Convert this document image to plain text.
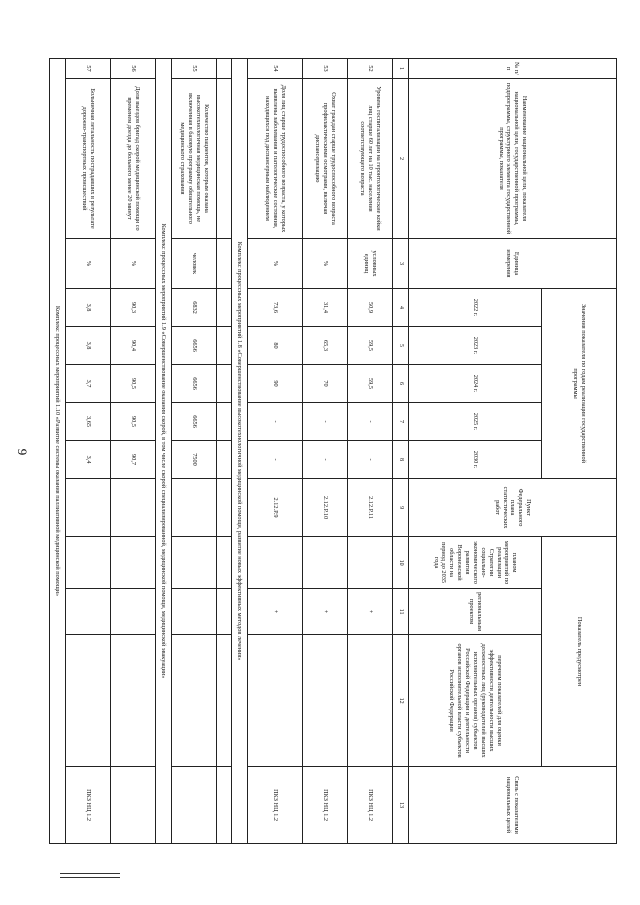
9
№ п/п	Наименование национальной цели, показателя национальной цели, государственной программы, подпрограммы, структурного элемента государственной программы, показателя	Единица измерения	Значения показателя по годам реализации государственной программы					Пункт Федерального плана статистических работ	Показатель предусмотрен			Связь с показателями национальных целей
			2022 г.	2023 г.	2024 г.	2025 г.	2030 г.		планом мероприятий по реализации Стратегии социально-экономического развития Воронежской области на период до 2035 года	региональным проектом	перечнем показателей для оценки эффективности деятельности высших должностных лиц (руководителей высших исполнительных органов) субъектов Российской Федерации и деятельности органов исполнительной власти субъектов Российской Федерации	
1	2	3	4	5	6	7	8	9	10	11	12	13
52	Уровень госпитализации на геронтологические койки лиц старше 60 лет на 10 тыс. населения соответствующего возраста	условных единиц	50,9	59,5	59,5	-	-	2.12.Р.11		+		ПКЗ НЦ 1.2
53	Охват граждан старше трудоспособного возраста профилактическими осмотрами, включая диспансеризацию	%	31,4	65,3	70	-	-	2.12.Р.10		+		ПКЗ НЦ 1.2
54	Доля лиц старше трудоспособного возраста, у которых выявлены заболевания и патологические состояния, находящихся под диспансерным наблюдением	%	73,6	80	90	-	-	2.12.Р.9		+		ПКЗ НЦ 1.2
Комплекс процессных мероприятий 1.8 «Совершенствование высокотехнологичной медицинской помощи, развитие новых эффективных методов лечения»												

55	Количество пациентов, которым оказана высокотехнологичная медицинская помощь, не включенная в базовую программу обязательного медицинского страхования	человек	6832	6656	6656	6656	7500					
Комплекс процессных мероприятий 1.9 «Совершенствование оказания скорой, в том числе скорой специализированной, медицинской помощи, медицинской эвакуации»												
56	Доля выездов бригад скорой медицинской помощи со временем доезда до больного менее 20 минут	%	90,3	90,4	90,5	90,5	90,7					
57	Больничная летальность пострадавших в результате дорожно-транспортных происшествий	%	3,8	3,8	3,7	3,65	3,4					ПКЗ НЦ 1.2
Комплекс процессных мероприятий 1.10 «Развитие системы оказания паллиативной медицинской помощи»												
